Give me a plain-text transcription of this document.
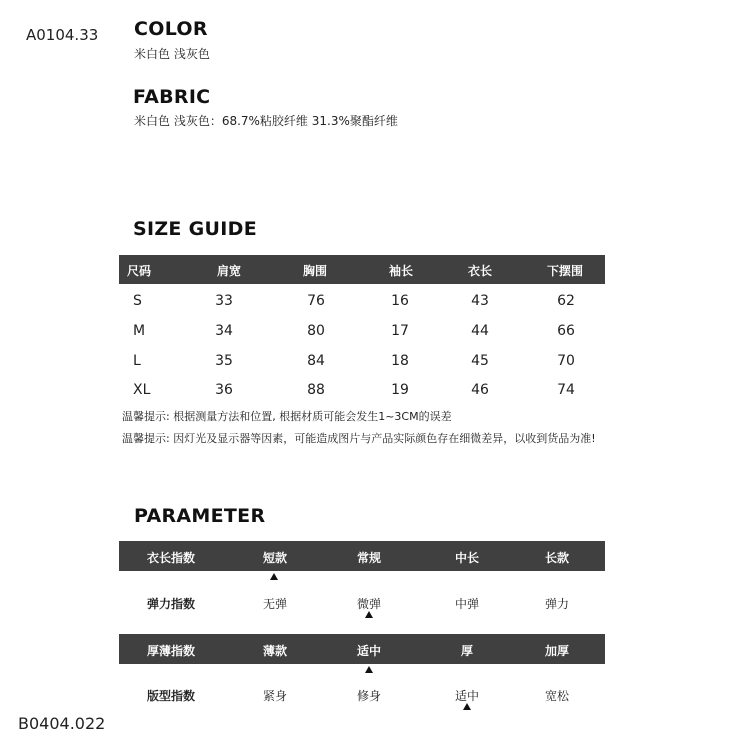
A0104.33
B0404.022
COLOR
米白色 浅灰色
FABRIC
米白色 浅灰色：68.7%粘胶纤维 31.3%聚酯纤维
SIZE GUIDE
尺码	肩宽	胸围	袖长	衣长	下摆围
S	33	76	16	43	62
M	34	80	17	44	66
L	35	84	18	45	70
XL	36	88	19	46	74
温馨提示: 根据测量方法和位置, 根据材质可能会发生1~3CM的误差
温馨提示: 因灯光及显示器等因素，可能造成图片与产品实际颜色存在细微差异，以收到货品为准!
PARAMETER
衣长指数	短款	常规	中长	长款
弹力指数	无弹	微弹	中弹	弹力
厚薄指数	薄款	适中	厚	加厚
版型指数	紧身	修身	适中	宽松
